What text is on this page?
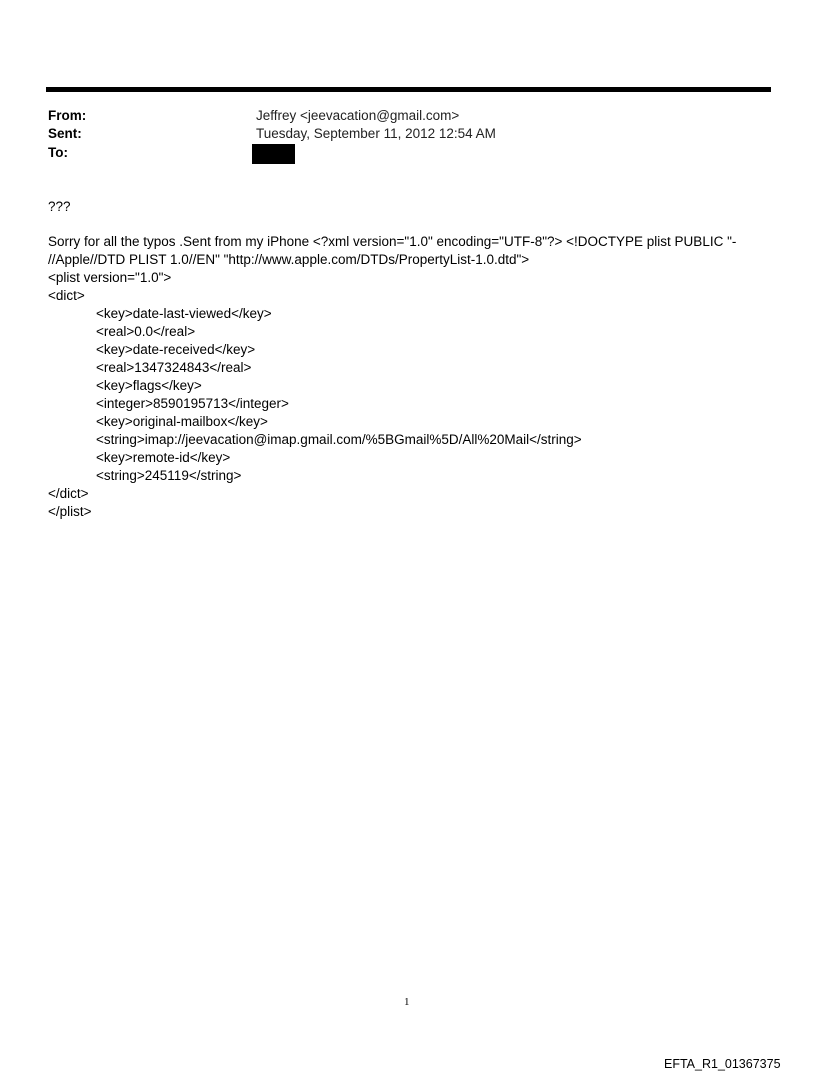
From:	Jeffrey <jeevacation@gmail.com>
Sent:	Tuesday, September 11, 2012 12:54 AM
To:
???
Sorry for all the typos .Sent from my iPhone <?xml version="1.0" encoding="UTF-8"?> <!DOCTYPE plist PUBLIC "-
//Apple//DTD PLIST 1.0//EN" "http://www.apple.com/DTDs/PropertyList-1.0.dtd">
<plist version="1.0">
<dict>
<key>date-last-viewed</key>
<real>0.0</real>
<key>date-received</key>
<real>1347324843</real>
<key>flags</key>
<integer>8590195713</integer>
<key>original-mailbox</key>
<string>imap://jeevacation@imap.gmail.com/%5BGmail%5D/All%20Mail</string>
<key>remote-id</key>
<string>245119</string>
</dict>
</plist>
1
EFTA_R1_01367375
